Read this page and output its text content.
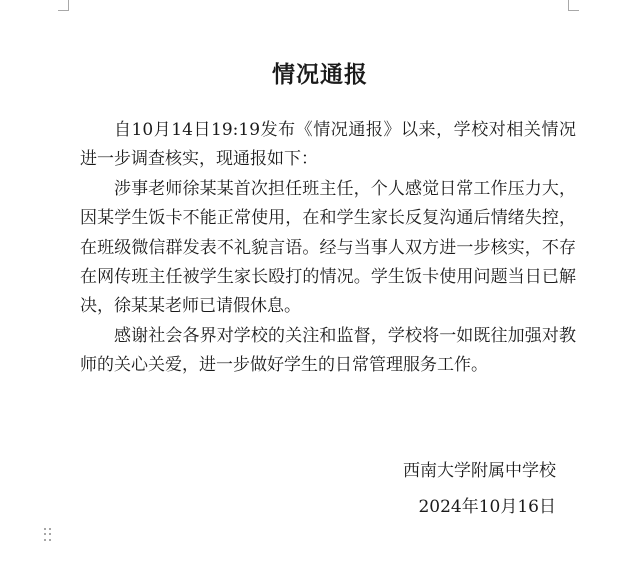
情况通报

自10月14日19:19发布《情况通报》以来，学校对相关情况进一步调查核实，现通报如下：

涉事老师徐某某首次担任班主任，个人感觉日常工作压力大，因某学生饭卡不能正常使用，在和学生家长反复沟通后情绪失控，在班级微信群发表不礼貌言语。经与当事人双方进一步核实，不存在网传班主任被学生家长殴打的情况。学生饭卡使用问题当日已解决，徐某某老师已请假休息。

感谢社会各界对学校的关注和监督，学校将一如既往加强对教师的关心关爱，进一步做好学生的日常管理服务工作。

西南大学附属中学校
2024年10月16日
